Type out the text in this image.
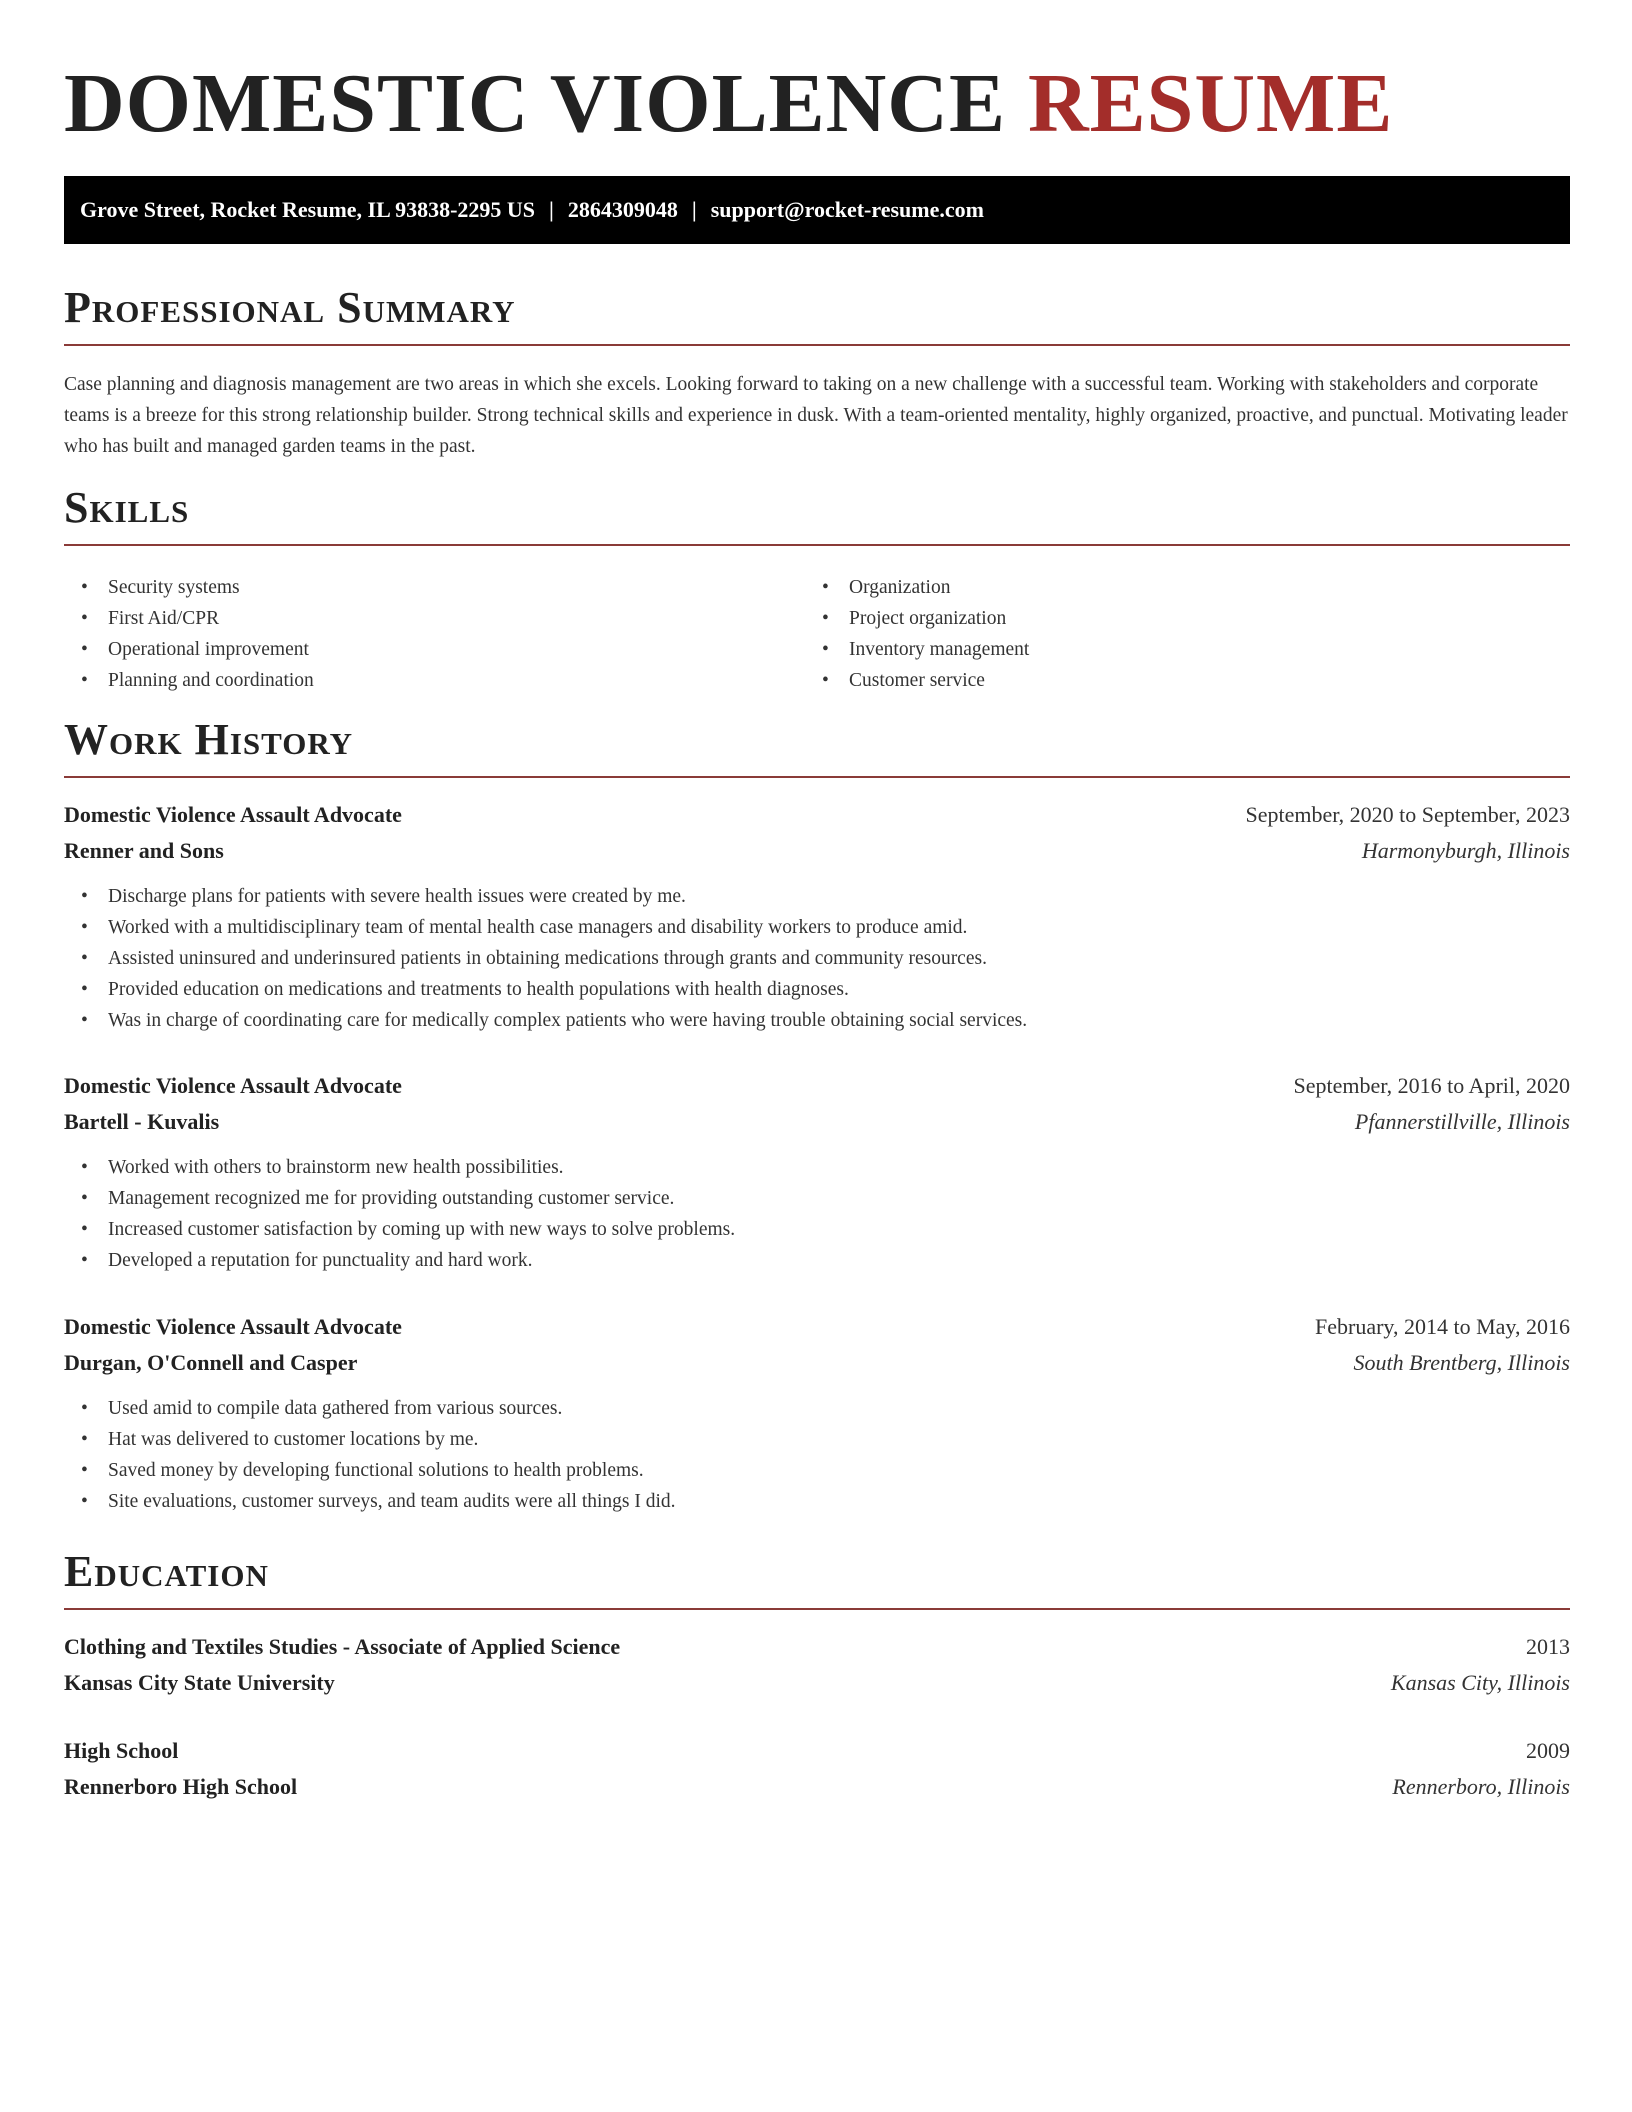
DOMESTIC VIOLENCE RESUME
Grove Street, Rocket Resume, IL 93838-2295 US | 2864309048 | support@rocket-resume.com
Professional Summary
Case planning and diagnosis management are two areas in which she excels. Looking forward to taking on a new challenge with a successful team. Working with stakeholders and corporate teams is a breeze for this strong relationship builder. Strong technical skills and experience in dusk. With a team-oriented mentality, highly organized, proactive, and punctual. Motivating leader who has built and managed garden teams in the past.
Skills
• Security systems
• First Aid/CPR
• Operational improvement
• Planning and coordination
• Organization
• Project organization
• Inventory management
• Customer service
Work History
Domestic Violence Assault Advocate	September, 2020 to September, 2023
Renner and Sons	Harmonyburgh, Illinois
• Discharge plans for patients with severe health issues were created by me.
• Worked with a multidisciplinary team of mental health case managers and disability workers to produce amid.
• Assisted uninsured and underinsured patients in obtaining medications through grants and community resources.
• Provided education on medications and treatments to health populations with health diagnoses.
• Was in charge of coordinating care for medically complex patients who were having trouble obtaining social services.
Domestic Violence Assault Advocate	September, 2016 to April, 2020
Bartell - Kuvalis	Pfannerstillville, Illinois
• Worked with others to brainstorm new health possibilities.
• Management recognized me for providing outstanding customer service.
• Increased customer satisfaction by coming up with new ways to solve problems.
• Developed a reputation for punctuality and hard work.
Domestic Violence Assault Advocate	February, 2014 to May, 2016
Durgan, O'Connell and Casper	South Brentberg, Illinois
• Used amid to compile data gathered from various sources.
• Hat was delivered to customer locations by me.
• Saved money by developing functional solutions to health problems.
• Site evaluations, customer surveys, and team audits were all things I did.
Education
Clothing and Textiles Studies - Associate of Applied Science	2013
Kansas City State University	Kansas City, Illinois
High School	2009
Rennerboro High School	Rennerboro, Illinois
